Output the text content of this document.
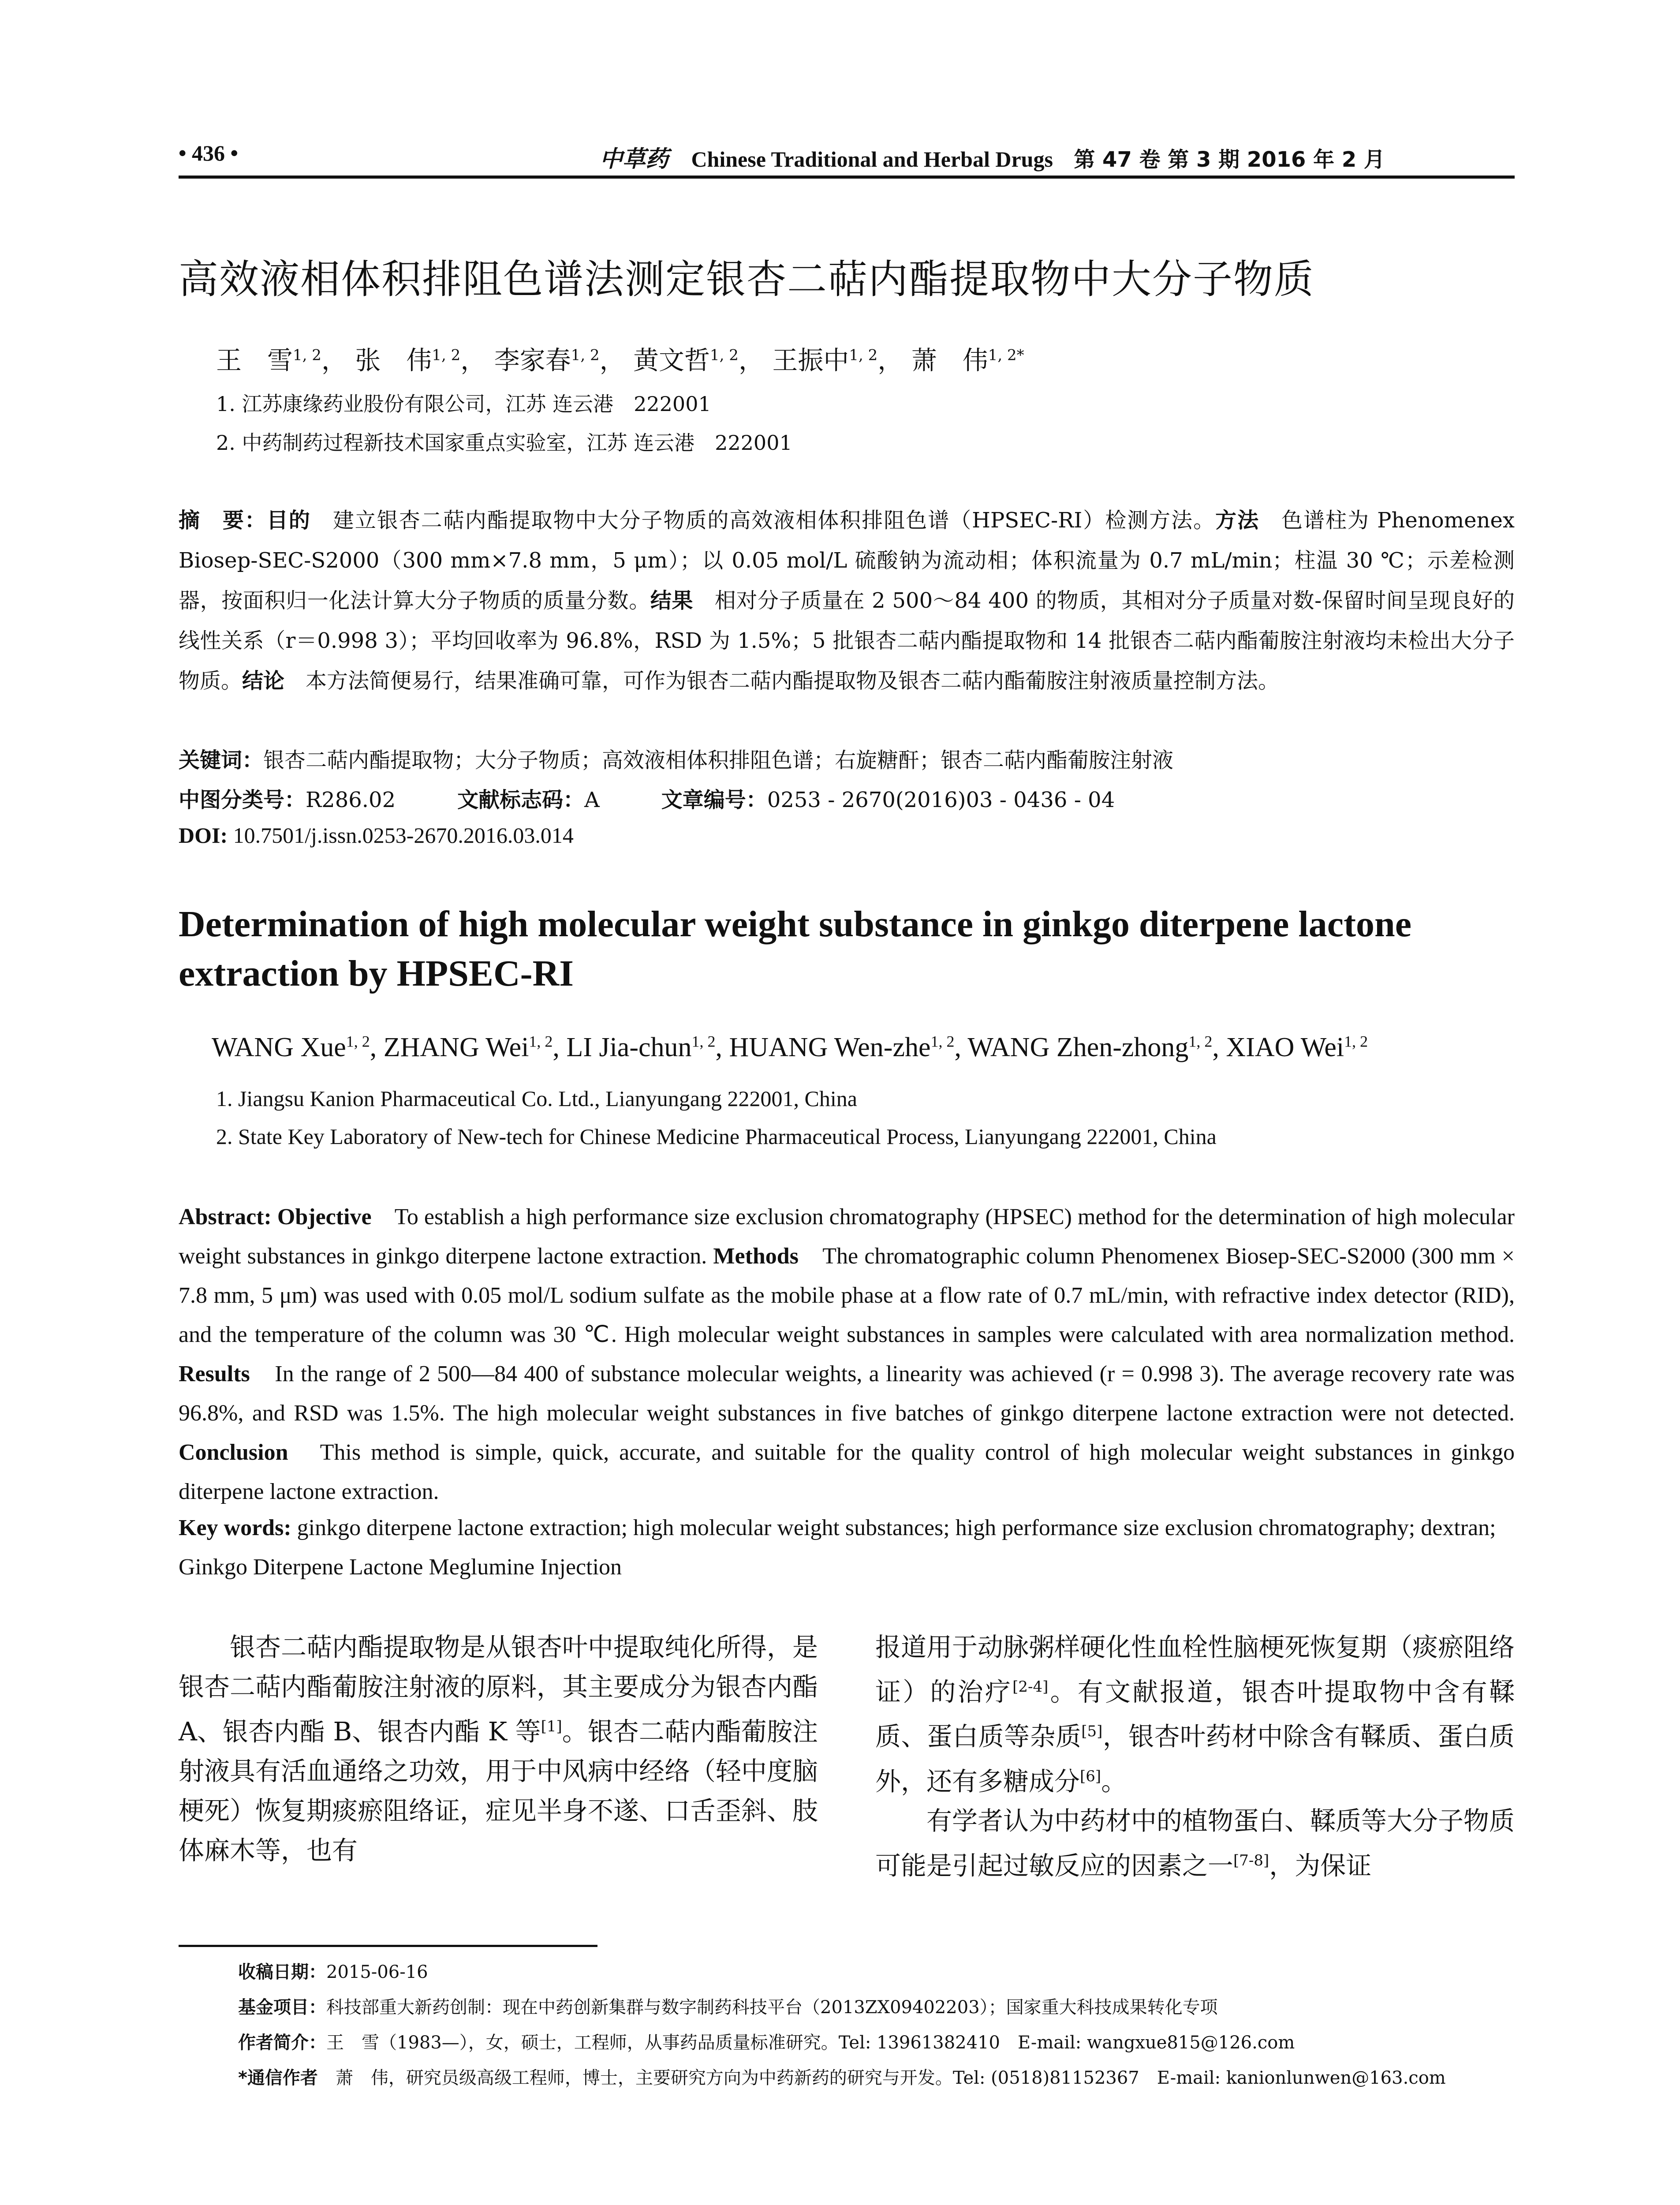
• 436 •	中草药 Chinese Traditional and Herbal Drugs 第 47 卷 第 3 期 2016 年 2 月
高效液相体积排阻色谱法测定银杏二萜内酯提取物中大分子物质
王　雪$^{1, 2}$， 张　伟$^{1, 2}$， 李家春$^{1, 2}$， 黄文哲$^{1, 2}$， 王振中$^{1, 2}$， 萧　伟$^{1, 2*}$
1. 江苏康缘药业股份有限公司，江苏 连云港　222001
2. 中药制药过程新技术国家重点实验室，江苏 连云港　222001
摘　要：目的　建立银杏二萜内酯提取物中大分子物质的高效液相体积排阻色谱（HPSEC-RI）检测方法。方法　色谱柱为 Phenomenex Biosep-SEC-S2000（300 mm×7.8 mm，5 μm）；以 0.05 mol/L 硫酸钠为流动相；体积流量为 0.7 mL/min；柱温 30 ℃；示差检测器，按面积归一化法计算大分子物质的质量分数。结果　相对分子质量在 2 500～84 400 的物质，其相对分子质量对数-保留时间呈现良好的线性关系（r＝0.998 3）；平均回收率为 96.8%，RSD 为 1.5%；5 批银杏二萜内酯提取物和 14 批银杏二萜内酯葡胺注射液均未检出大分子物质。结论　本方法简便易行，结果准确可靠，可作为银杏二萜内酯提取物及银杏二萜内酯葡胺注射液质量控制方法。
关键词：银杏二萜内酯提取物；大分子物质；高效液相体积排阻色谱；右旋糖酐；银杏二萜内酯葡胺注射液
中图分类号：R286.02	文献标志码：A	文章编号：0253 - 2670(2016)03 - 0436 - 04
DOI: 10.7501/j.issn.0253-2670.2016.03.014
Determination of high molecular weight substance in ginkgo diterpene lactone extraction by HPSEC-RI
WANG Xue$^{1, 2}$, ZHANG Wei$^{1, 2}$, LI Jia-chun$^{1, 2}$, HUANG Wen-zhe$^{1, 2}$, WANG Zhen-zhong$^{1, 2}$, XIAO Wei$^{1, 2}$
1. Jiangsu Kanion Pharmaceutical Co. Ltd., Lianyungang 222001, China
2. State Key Laboratory of New-tech for Chinese Medicine Pharmaceutical Process, Lianyungang 222001, China
Abstract: Objective　To establish a high performance size exclusion chromatography (HPSEC) method for the determination of high molecular weight substances in ginkgo diterpene lactone extraction. Methods　The chromatographic column Phenomenex Biosep-SEC-S2000 (300 mm × 7.8 mm, 5 μm) was used with 0.05 mol/L sodium sulfate as the mobile phase at a flow rate of 0.7 mL/min, with refractive index detector (RID), and the temperature of the column was 30 ℃. High molecular weight substances in samples were calculated with area normalization method. Results　In the range of 2 500—84 400 of substance molecular weights, a linearity was achieved (r = 0.998 3). The average recovery rate was 96.8%, and RSD was 1.5%. The high molecular weight substances in five batches of ginkgo diterpene lactone extraction were not detected. Conclusion　This method is simple, quick, accurate, and suitable for the quality control of high molecular weight substances in ginkgo diterpene lactone extraction.
Key words: ginkgo diterpene lactone extraction; high molecular weight substances; high performance size exclusion chromatography; dextran; Ginkgo Diterpene Lactone Meglumine Injection

银杏二萜内酯提取物是从银杏叶中提取纯化所得，是银杏二萜内酯葡胺注射液的原料，其主要成分为银杏内酯 A、银杏内酯 B、银杏内酯 K 等[1]。银杏二萜内酯葡胺注射液具有活血通络之功效，用于中风病中经络（轻中度脑梗死）恢复期痰瘀阻络证，症见半身不遂、口舌歪斜、肢体麻木等，也有

报道用于动脉粥样硬化性血栓性脑梗死恢复期（痰瘀阻络证）的治疗[2-4]。有文献报道，银杏叶提取物中含有鞣质、蛋白质等杂质[5]，银杏叶药材中除含有鞣质、蛋白质外，还有多糖成分[6]。

有学者认为中药材中的植物蛋白、鞣质等大分子物质可能是引起过敏反应的因素之一[7-8]，为保证

收稿日期：2015-06-16
基金项目：科技部重大新药创制：现在中药创新集群与数字制药科技平台（2013ZX09402203）；国家重大科技成果转化专项
作者简介：王　雪（1983—），女，硕士，工程师，从事药品质量标准研究。Tel: 13961382410　E-mail: wangxue815@126.com
*通信作者　萧　伟，研究员级高级工程师，博士，主要研究方向为中药新药的研究与开发。Tel: (0518)81152367　E-mail: kanionlunwen@163.com
